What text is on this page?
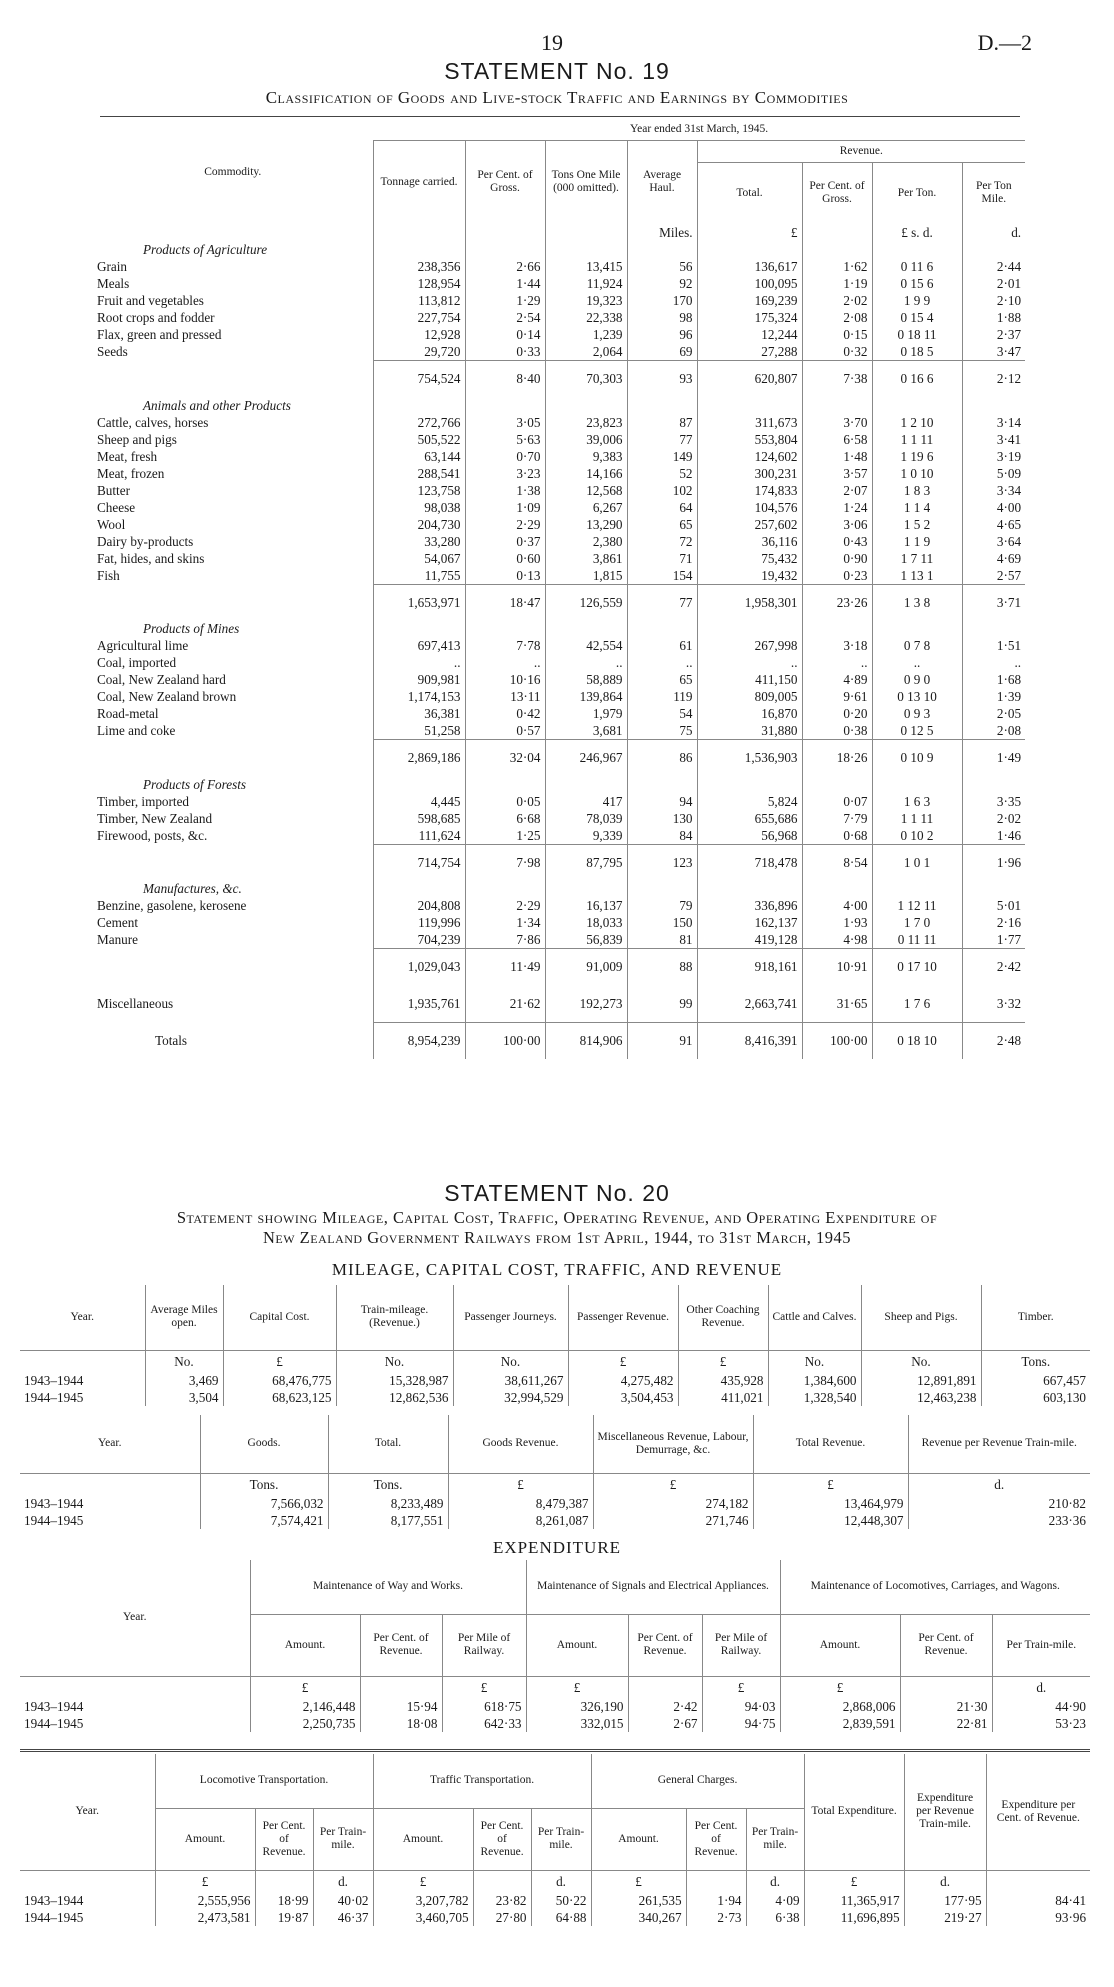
19	D.—2
STATEMENT No. 19
Classification of Goods and Live-stock Traffic and Earnings by Commodities
Commodity.	Year ended 31st March, 1945.							
	Tonnage carried.	Per Cent. of Gross.	Tons One Mile (000 omitted).	Average Haul.	Revenue.			
					Total.	Per Cent. of Gross.	Per Ton.	Per Ton Mile.
				Miles.	£		£ s. d.	d.
Products of Agriculture								
Grain	238,356	2·66	13,415	56	136,617	1·62	0 11 6	2·44
Meals	128,954	1·44	11,924	92	100,095	1·19	0 15 6	2·01
Fruit and vegetables	113,812	1·29	19,323	170	169,239	2·02	1 9 9	2·10
Root crops and fodder	227,754	2·54	22,338	98	175,324	2·08	0 15 4	1·88
Flax, green and pressed	12,928	0·14	1,239	96	12,244	0·15	0 18 11	2·37
Seeds	29,720	0·33	2,064	69	27,288	0·32	0 18 5	3·47
	754,524	8·40	70,303	93	620,807	7·38	0 16 6	2·12
Animals and other Products								
Cattle, calves, horses	272,766	3·05	23,823	87	311,673	3·70	1 2 10	3·14
Sheep and pigs	505,522	5·63	39,006	77	553,804	6·58	1 1 11	3·41
Meat, fresh	63,144	0·70	9,383	149	124,602	1·48	1 19 6	3·19
Meat, frozen	288,541	3·23	14,166	52	300,231	3·57	1 0 10	5·09
Butter	123,758	1·38	12,568	102	174,833	2·07	1 8 3	3·34
Cheese	98,038	1·09	6,267	64	104,576	1·24	1 1 4	4·00
Wool	204,730	2·29	13,290	65	257,602	3·06	1 5 2	4·65
Dairy by-products	33,280	0·37	2,380	72	36,116	0·43	1 1 9	3·64
Fat, hides, and skins	54,067	0·60	3,861	71	75,432	0·90	1 7 11	4·69
Fish	11,755	0·13	1,815	154	19,432	0·23	1 13 1	2·57
	1,653,971	18·47	126,559	77	1,958,301	23·26	1 3 8	3·71
Products of Mines								
Agricultural lime	697,413	7·78	42,554	61	267,998	3·18	0 7 8	1·51
Coal, imported	..	..	..	..	..	..	..	..
Coal, New Zealand hard	909,981	10·16	58,889	65	411,150	4·89	0 9 0	1·68
Coal, New Zealand brown	1,174,153	13·11	139,864	119	809,005	9·61	0 13 10	1·39
Road-metal	36,381	0·42	1,979	54	16,870	0·20	0 9 3	2·05
Lime and coke	51,258	0·57	3,681	75	31,880	0·38	0 12 5	2·08
	2,869,186	32·04	246,967	86	1,536,903	18·26	0 10 9	1·49
Products of Forests								
Timber, imported	4,445	0·05	417	94	5,824	0·07	1 6 3	3·35
Timber, New Zealand	598,685	6·68	78,039	130	655,686	7·79	1 1 11	2·02
Firewood, posts, &c.	111,624	1·25	9,339	84	56,968	0·68	0 10 2	1·46
	714,754	7·98	87,795	123	718,478	8·54	1 0 1	1·96
Manufactures, &c.								
Benzine, gasolene, kerosene	204,808	2·29	16,137	79	336,896	4·00	1 12 11	5·01
Cement	119,996	1·34	18,033	150	162,137	1·93	1 7 0	2·16
Manure	704,239	7·86	56,839	81	419,128	4·98	0 11 11	1·77
	1,029,043	11·49	91,009	88	918,161	10·91	0 17 10	2·42
Miscellaneous	1,935,761	21·62	192,273	99	2,663,741	31·65	1 7 6	3·32
Totals	8,954,239	100·00	814,906	91	8,416,391	100·00	0 18 10	2·48
STATEMENT No. 20
Statement showing Mileage, Capital Cost, Traffic, Operating Revenue, and Operating Expenditure of
New Zealand Government Railways from 1st April, 1944, to 31st March, 1945
MILEAGE, CAPITAL COST, TRAFFIC, AND REVENUE
Year.	Average Miles open.	Capital Cost.	Train-mileage. (Revenue.)	Passenger Journeys.	Passenger Revenue.	Other Coaching Revenue.	Cattle and Calves.	Sheep and Pigs.	Timber.
	No.	£	No.	No.	£	£	No.	No.	Tons.
1943–1944	3,469	68,476,775	15,328,987	38,611,267	4,275,482	435,928	1,384,600	12,891,891	667,457
1944–1945	3,504	68,623,125	12,862,536	32,994,529	3,504,453	411,021	1,328,540	12,463,238	603,130
Year.	Goods.	Total.	Goods Revenue.	Miscellaneous Revenue, Labour, Demurrage, &c.	Total Revenue.	Revenue per Revenue Train-mile.
	Tons.	Tons.	£	£	£	d.
1943–1944	7,566,032	8,233,489	8,479,387	274,182	13,464,979	210·82
1944–1945	7,574,421	8,177,551	8,261,087	271,746	12,448,307	233·36
EXPENDITURE
Year.	Maintenance of Way and Works.			Maintenance of Signals and Electrical Appliances.			Maintenance of Locomotives, Carriages, and Wagons.		
	Amount.	Per Cent. of Revenue.	Per Mile of Railway.	Amount.	Per Cent. of Revenue.	Per Mile of Railway.	Amount.	Per Cent. of Revenue.	Per Train-mile.
	£		£	£		£	£		d.
1943–1944	2,146,448	15·94	618·75	326,190	2·42	94·03	2,868,006	21·30	44·90
1944–1945	2,250,735	18·08	642·33	332,015	2·67	94·75	2,839,591	22·81	53·23
Year.	Locomotive Transportation.			Traffic Transportation.			General Charges.			Total Expenditure.	Expenditure per Revenue Train-mile.	Expenditure per Cent. of Revenue.
	Amount.	Per Cent. of Revenue.	Per Train-mile.	Amount.	Per Cent. of Revenue.	Per Train-mile.	Amount.	Per Cent. of Revenue.	Per Train-mile.			
	£		d.	£		d.	£		d.	£	d.	
1943–1944	2,555,956	18·99	40·02	3,207,782	23·82	50·22	261,535	1·94	4·09	11,365,917	177·95	84·41
1944–1945	2,473,581	19·87	46·37	3,460,705	27·80	64·88	340,267	2·73	6·38	11,696,895	219·27	93·96
